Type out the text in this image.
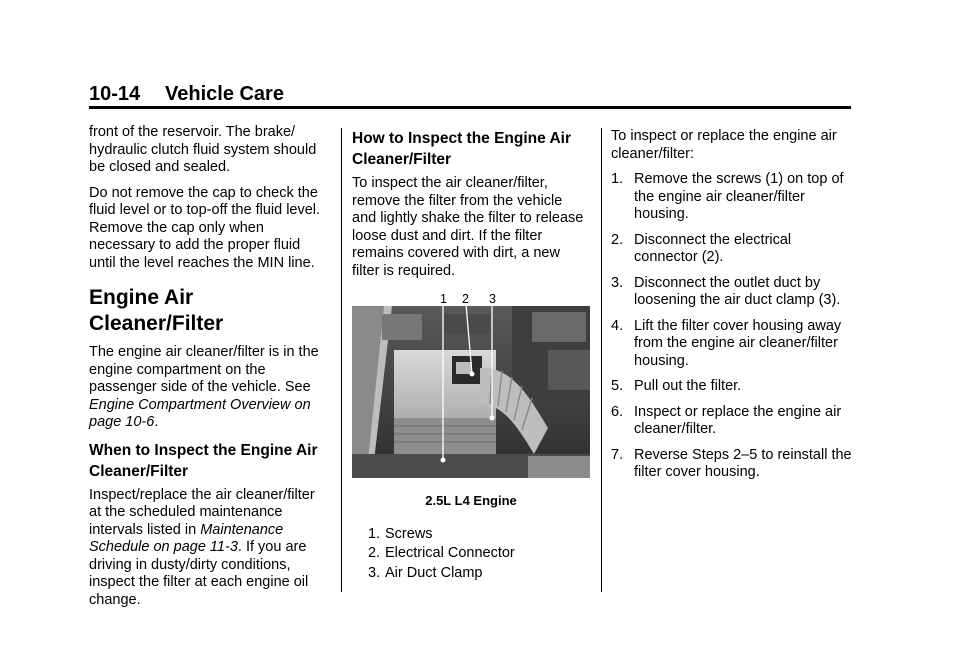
10-14 Vehicle Care

front of the reservoir. The brake/ hydraulic clutch fluid system should be closed and sealed.

Do not remove the cap to check the fluid level or to top-off the fluid level. Remove the cap only when necessary to add the proper fluid until the level reaches the MIN line.

Engine Air Cleaner/Filter

The engine air cleaner/filter is in the engine compartment on the passenger side of the vehicle. See Engine Compartment Overview on page 10-6.

When to Inspect the Engine Air Cleaner/Filter

Inspect/replace the air cleaner/filter at the scheduled maintenance intervals listed in Maintenance Schedule on page 11-3. If you are driving in dusty/dirty conditions, inspect the filter at each engine oil change.

How to Inspect the Engine Air Cleaner/Filter

To inspect the air cleaner/filter, remove the filter from the vehicle and lightly shake the filter to release loose dust and dirt. If the filter remains covered with dirt, a new filter is required.

1 2 3
2.5L L4 Engine
1. Screws
2. Electrical Connector
3. Air Duct Clamp

To inspect or replace the engine air cleaner/filter:

1. Remove the screws (1) on top of the engine air cleaner/filter housing.
2. Disconnect the electrical connector (2).
3. Disconnect the outlet duct by loosening the air duct clamp (3).
4. Lift the filter cover housing away from the engine air cleaner/filter housing.
5. Pull out the filter.
6. Inspect or replace the engine air cleaner/filter.
7. Reverse Steps 2–5 to reinstall the filter cover housing.
